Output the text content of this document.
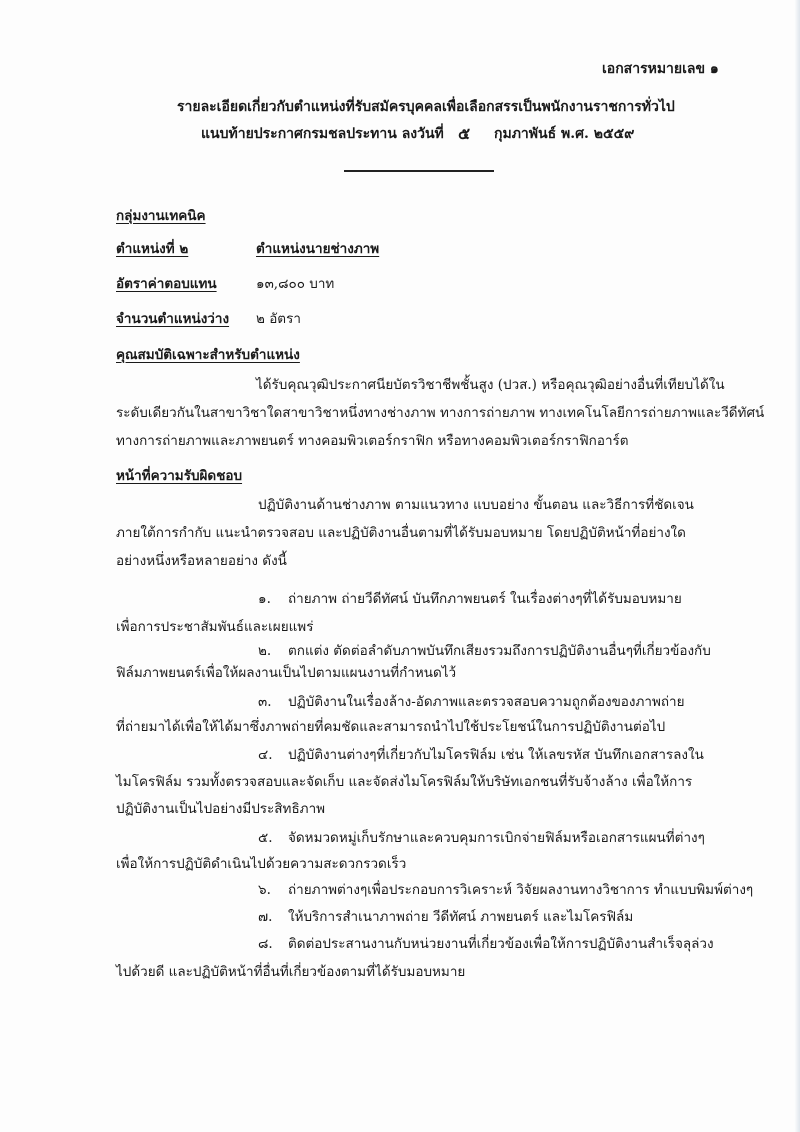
เอกสารหมายเลข ๑
รายละเอียดเกี่ยวกับตำแหน่งที่รับสมัครบุคคลเพื่อเลือกสรรเป็นพนักงานราชการทั่วไป
แนบท้ายประกาศกรมชลประทาน ลงวันที่ ๕ กุมภาพันธ์ พ.ศ. ๒๕๕๙
กลุ่มงานเทคนิค
ตำแหน่งที่ ๒	ตำแหน่งนายช่างภาพ
อัตราค่าตอบแทน	๑๓,๘๐๐ บาท
จำนวนตำแหน่งว่าง ๒ อัตรา
คุณสมบัติเฉพาะสำหรับตำแหน่ง
ได้รับคุณวุฒิประกาศนียบัตรวิชาชีพชั้นสูง (ปวส.) หรือคุณวุฒิอย่างอื่นที่เทียบได้ใน
ระดับเดียวกันในสาขาวิชาใดสาขาวิชาหนึ่งทางช่างภาพ ทางการถ่ายภาพ ทางเทคโนโลยีการถ่ายภาพและวีดีทัศน์
ทางการถ่ายภาพและภาพยนตร์ ทางคอมพิวเตอร์กราฟิก หรือทางคอมพิวเตอร์กราฟิกอาร์ต
หน้าที่ความรับผิดชอบ
ปฏิบัติงานด้านช่างภาพ ตามแนวทาง แบบอย่าง ขั้นตอน และวิธีการที่ชัดเจน
ภายใต้การกำกับ แนะนำตรวจสอบ และปฏิบัติงานอื่นตามที่ได้รับมอบหมาย โดยปฏิบัติหน้าที่อย่างใด
อย่างหนึ่งหรือหลายอย่าง ดังนี้
๑. ถ่ายภาพ ถ่ายวีดีทัศน์ บันทึกภาพยนตร์ ในเรื่องต่างๆที่ได้รับมอบหมาย
เพื่อการประชาสัมพันธ์และเผยแพร่
๒. ตกแต่ง ตัดต่อลำดับภาพบันทึกเสียงรวมถึงการปฏิบัติงานอื่นๆที่เกี่ยวข้องกับ
ฟิล์มภาพยนตร์เพื่อให้ผลงานเป็นไปตามแผนงานที่กำหนดไว้
๓. ปฏิบัติงานในเรื่องล้าง-อัดภาพและตรวจสอบความถูกต้องของภาพถ่าย
ที่ถ่ายมาได้เพื่อให้ได้มาซึ่งภาพถ่ายที่คมชัดและสามารถนำไปใช้ประโยชน์ในการปฏิบัติงานต่อไป
๔. ปฏิบัติงานต่างๆที่เกี่ยวกับไมโครฟิล์ม เช่น ให้เลขรหัส บันทึกเอกสารลงใน
ไมโครฟิล์ม รวมทั้งตรวจสอบและจัดเก็บ และจัดส่งไมโครฟิล์มให้บริษัทเอกชนที่รับจ้างล้าง เพื่อให้การ
ปฏิบัติงานเป็นไปอย่างมีประสิทธิภาพ
๕. จัดหมวดหมู่เก็บรักษาและควบคุมการเบิกจ่ายฟิล์มหรือเอกสารแผนที่ต่างๆ
เพื่อให้การปฏิบัติดำเนินไปด้วยความสะดวกรวดเร็ว
๖. ถ่ายภาพต่างๆเพื่อประกอบการวิเคราะห์ วิจัยผลงานทางวิชาการ ทำแบบพิมพ์ต่างๆ
๗. ให้บริการสำเนาภาพถ่าย วีดีทัศน์ ภาพยนตร์ และไมโครฟิล์ม
๘. ติดต่อประสานงานกับหน่วยงานที่เกี่ยวข้องเพื่อให้การปฏิบัติงานสำเร็จลุล่วง
ไปด้วยดี และปฏิบัติหน้าที่อื่นที่เกี่ยวข้องตามที่ได้รับมอบหมาย
